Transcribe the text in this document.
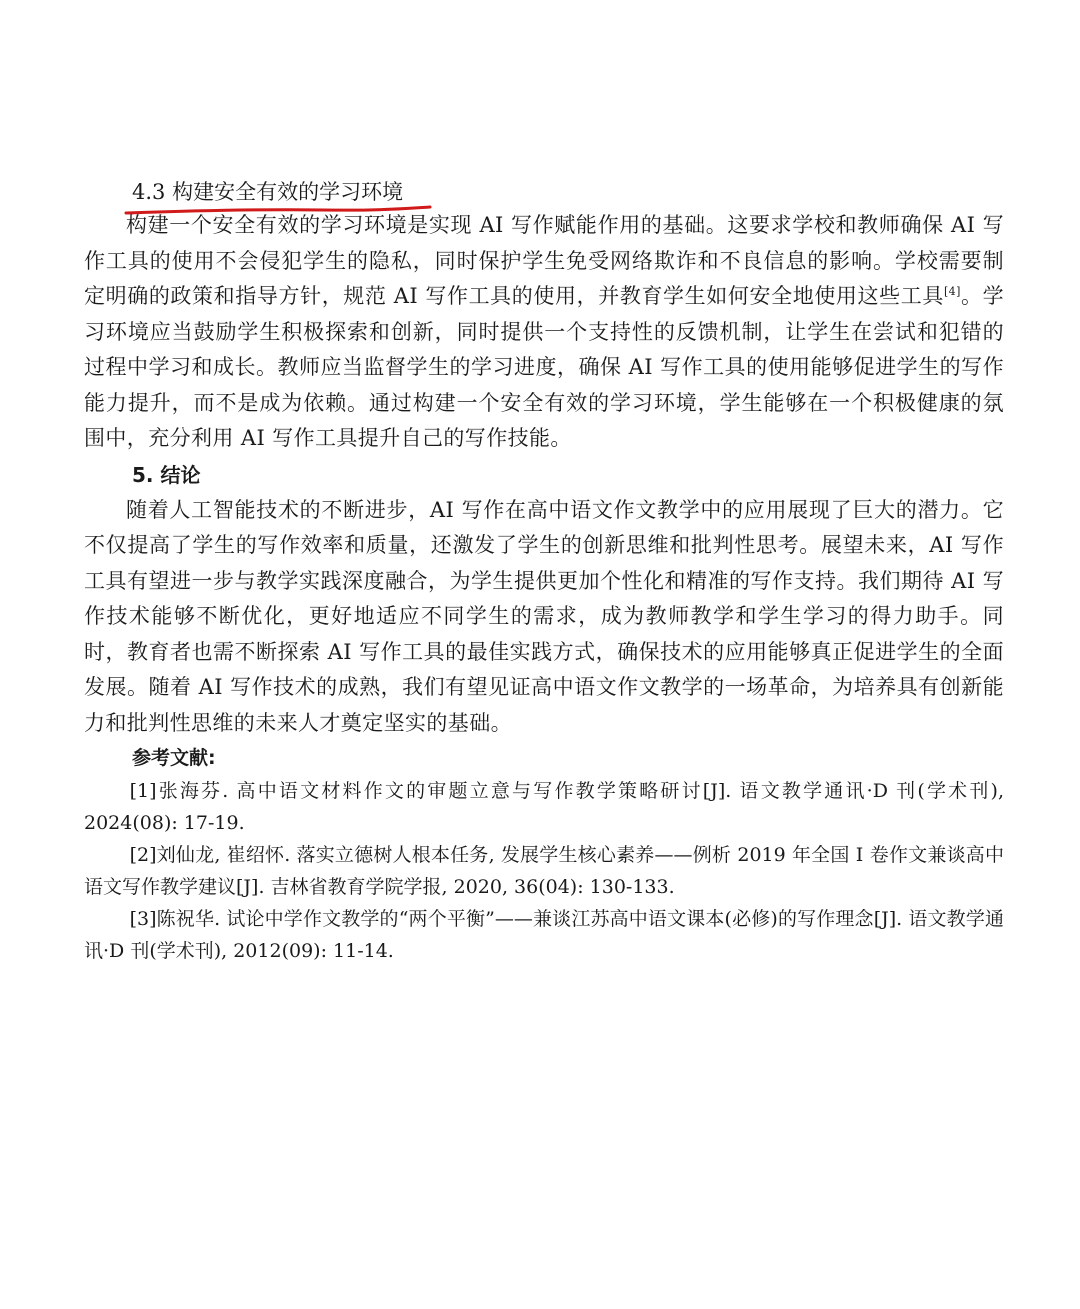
4.3 构建安全有效的学习环境

构建一个安全有效的学习环境是实现 AI 写作赋能作用的基础。这要求学校和教师确保 AI 写作工具的使用不会侵犯学生的隐私，同时保护学生免受网络欺诈和不良信息的影响。学校需要制定明确的政策和指导方针，规范 AI 写作工具的使用，并教育学生如何安全地使用这些工具[4]。学习环境应当鼓励学生积极探索和创新，同时提供一个支持性的反馈机制，让学生在尝试和犯错的过程中学习和成长。教师应当监督学生的学习进度，确保 AI 写作工具的使用能够促进学生的写作能力提升，而不是成为依赖。通过构建一个安全有效的学习环境，学生能够在一个积极健康的氛围中，充分利用 AI 写作工具提升自己的写作技能。

5. 结论

随着人工智能技术的不断进步，AI 写作在高中语文作文教学中的应用展现了巨大的潜力。它不仅提高了学生的写作效率和质量，还激发了学生的创新思维和批判性思考。展望未来，AI 写作工具有望进一步与教学实践深度融合，为学生提供更加个性化和精准的写作支持。我们期待 AI 写作技术能够不断优化，更好地适应不同学生的需求，成为教师教学和学生学习的得力助手。同时，教育者也需不断探索 AI 写作工具的最佳实践方式，确保技术的应用能够真正促进学生的全面发展。随着 AI 写作技术的成熟，我们有望见证高中语文作文教学的一场革命，为培养具有创新能力和批判性思维的未来人才奠定坚实的基础。

参考文献:

[1]张海芬. 高中语文材料作文的审题立意与写作教学策略研讨[J]. 语文教学通讯·D 刊(学术刊), 2024(08): 17-19.

[2]刘仙龙, 崔绍怀. 落实立德树人根本任务, 发展学生核心素养——例析 2019 年全国 Ⅰ 卷作文兼谈高中语文写作教学建议[J]. 吉林省教育学院学报, 2020, 36(04): 130-133.

[3]陈祝华. 试论中学作文教学的“两个平衡”——兼谈江苏高中语文课本(必修)的写作理念[J]. 语文教学通讯·D 刊(学术刊), 2012(09): 11-14.
